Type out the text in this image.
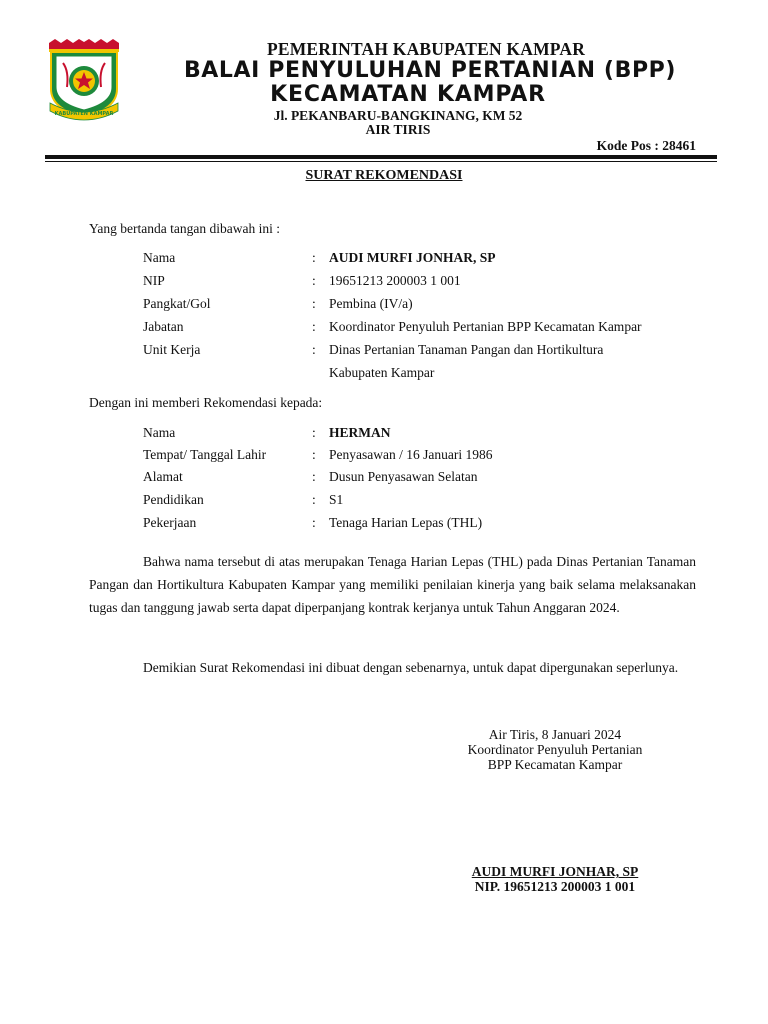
KABUPATEN KAMPAR
PEMERINTAH KABUPATEN KAMPAR
BALAI PENYULUHAN PERTANIAN (BPP)
KECAMATAN KAMPAR
Jl. PEKANBARU-BANGKINANG, KM 52
AIR TIRIS
Kode Pos : 28461
SURAT REKOMENDASI
Yang bertanda tangan dibawah ini :
Nama	: AUDI MURFI JONHAR, SP
NIP	: 19651213 200003 1 001
Pangkat/Gol	: Pembina (IV/a)
Jabatan	: Koordinator Penyuluh Pertanian BPP Kecamatan Kampar
Unit Kerja	: Dinas Pertanian Tanaman Pangan dan Hortikultura
Kabupaten Kampar
Dengan ini memberi Rekomendasi kepada:
Nama	: HERMAN
Tempat/ Tanggal Lahir	: Penyasawan / 16 Januari 1986
Alamat	: Dusun Penyasawan Selatan
Pendidikan	: S1
Pekerjaan	: Tenaga Harian Lepas (THL)

Bahwa nama tersebut di atas merupakan Tenaga Harian Lepas (THL) pada Dinas Pertanian Tanaman Pangan dan Hortikultura Kabupaten Kampar yang memiliki penilaian kinerja yang baik selama melaksanakan tugas dan tanggung jawab serta dapat diperpanjang kontrak kerjanya untuk Tahun Anggaran 2024.

Demikian Surat Rekomendasi ini dibuat dengan sebenarnya, untuk dapat dipergunakan seperlunya.

Air Tiris, 8 Januari 2024
Koordinator Penyuluh Pertanian
BPP Kecamatan Kampar
AUDI MURFI JONHAR, SP
NIP. 19651213 200003 1 001
